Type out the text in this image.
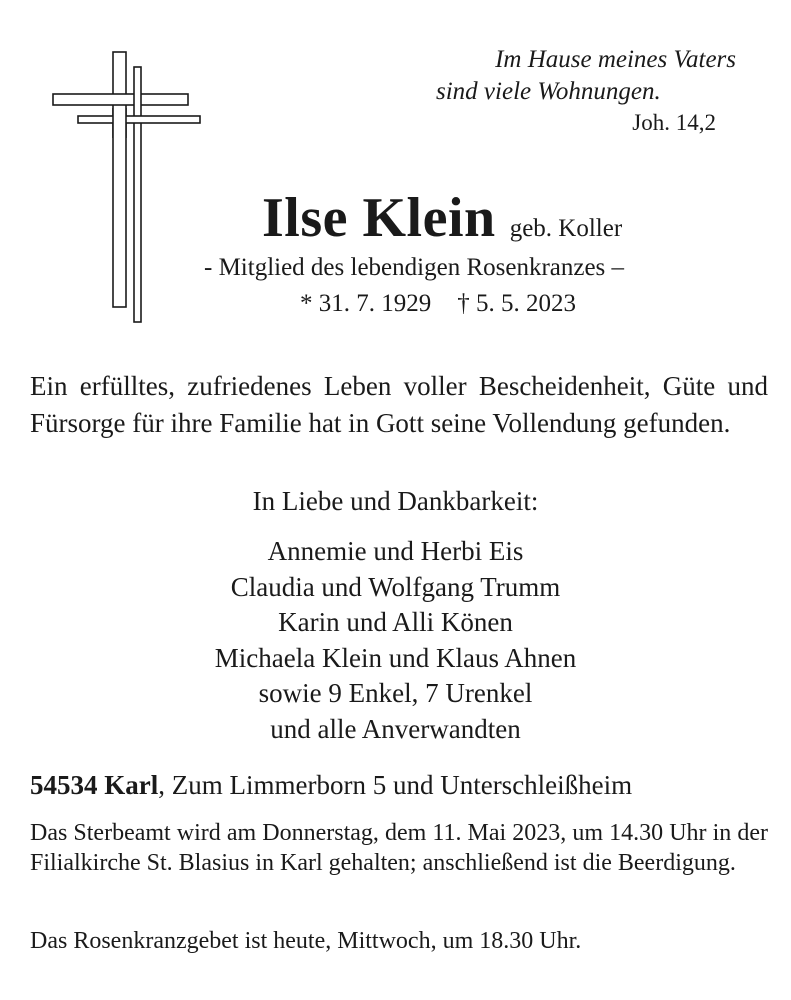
Im Hause meines Vaters
sind viele Wohnungen.
Joh. 14,2
Ilse Klein geb. Koller
- Mitglied des lebendigen Rosenkranzes –
* 31. 7. 1929 † 5. 5. 2023
Ein erfülltes, zufriedenes Leben voller Bescheidenheit, Güte und Fürsorge für ihre Familie hat in Gott seine Vollendung gefunden.
In Liebe und Dankbarkeit:
Annemie und Herbi Eis
Claudia und Wolfgang Trumm
Karin und Alli Könen
Michaela Klein und Klaus Ahnen
sowie 9 Enkel, 7 Urenkel
und alle Anverwandten
54534 Karl, Zum Limmerborn 5 und Unterschleißheim
Das Sterbeamt wird am Donnerstag, dem 11. Mai 2023, um 14.30 Uhr in der Filialkirche St. Blasius in Karl gehalten; anschließend ist die Beerdigung.
Das Rosenkranzgebet ist heute, Mittwoch, um 18.30 Uhr.
